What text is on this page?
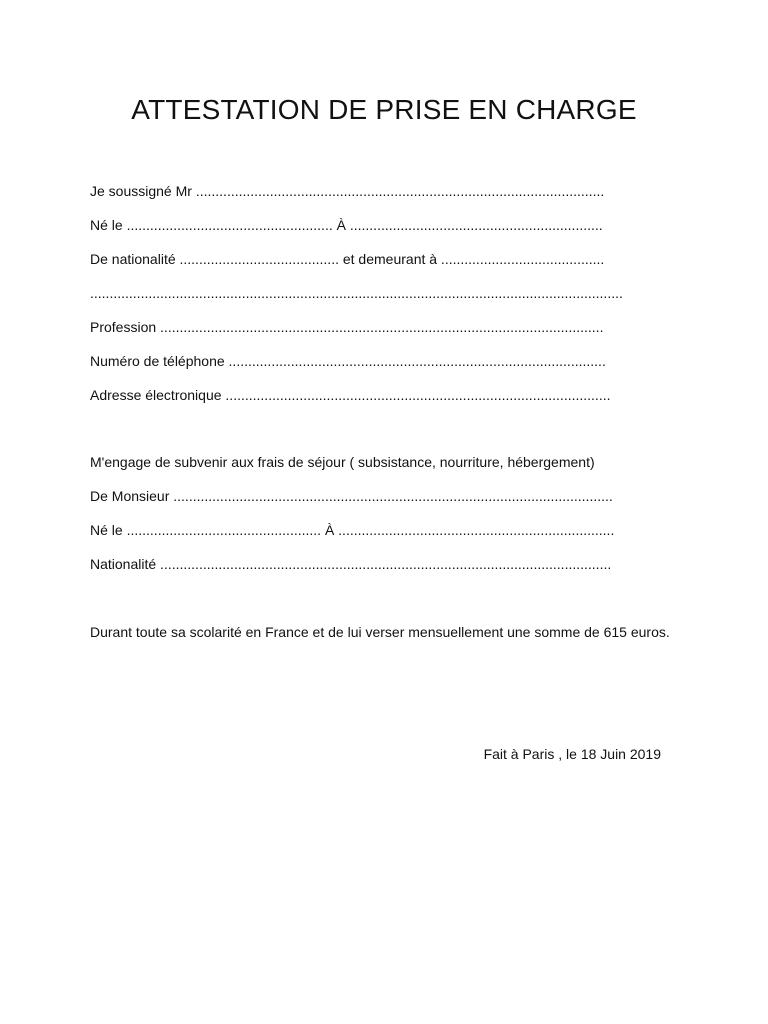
ATTESTATION DE PRISE EN CHARGE

Je soussigné Mr .........................................................................................................

Né le ..................................................... À .................................................................

De nationalité ......................................... et demeurant à ..........................................

.........................................................................................................................................

Profession ..................................................................................................................

Numéro de téléphone .................................................................................................

Adresse électronique ...................................................................................................

M'engage de subvenir aux frais de séjour ( subsistance, nourriture, hébergement)

De Monsieur .................................................................................................................

Né le .................................................. À .......................................................................

Nationalité ....................................................................................................................

Durant toute sa scolarité en France et de lui verser mensuellement une somme de 615 euros.

Fait à Paris , le 18 Juin 2019
